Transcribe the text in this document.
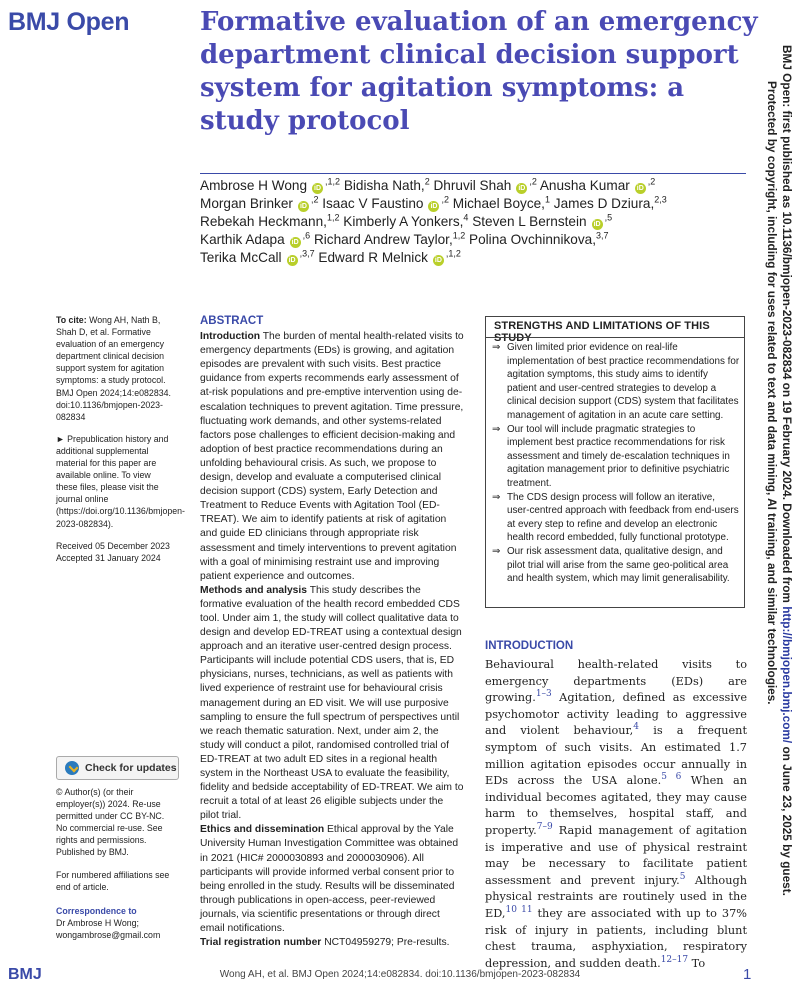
BMJ Open	Formative evaluation of an emergency department clinical decision support system for agitation symptoms: a study protocol
Ambrose H Wong $iD^{,1,2}$ Bidisha Nath,$^2$ Dhruvil Shah $iD^{,2}$ Anusha Kumar $iD^{,2}$
Morgan Brinker $iD^{,2}$ Isaac V Faustino $iD^{,2}$ Michael Boyce,$^1$ James D Dziura,$^{2,3}$
Rebekah Heckmann,$^{1,2}$ Kimberly A Yonkers,$^4$ Steven L Bernstein $iD^{,5}$
Karthik Adapa $iD^{,6}$ Richard Andrew Taylor,$^{1,2}$ Polina Ovchinnikova,$^{3,7}$
Terika McCall $iD^{,3,7}$ Edward R Melnick $iD^{,1,2}$

To cite: Wong AH, Nath B, Shah D, et al. Formative evaluation of an emergency department clinical decision support system for agitation symptoms: a study protocol. BMJ Open 2024;14:e082834. doi:10.1136/bmjopen-2023-082834

► Prepublication history and additional supplemental material for this paper are available online. To view these files, please visit the journal online (https://doi.org/10.1136/bmjopen-2023-082834).

Received 05 December 2023
Accepted 31 January 2024
Check for updates

© Author(s) (or their employer(s)) 2024. Re-use permitted under CC BY-NC. No commercial re-use. See rights and permissions. Published by BMJ.

For numbered affiliations see end of article.

Correspondence to
Dr Ambrose H Wong;
wongambrose@gmail.com
ABSTRACT

Introduction The burden of mental health-related visits to emergency departments (EDs) is growing, and agitation episodes are prevalent with such visits. Best practice guidance from experts recommends early assessment of at-risk populations and pre-emptive intervention using de-escalation techniques to prevent agitation. Time pressure, fluctuating work demands, and other systems-related factors pose challenges to efficient decision-making and adoption of best practice recommendations during an unfolding behavioural crisis. As such, we propose to design, develop and evaluate a computerised clinical decision support (CDS) system, Early Detection and Treatment to Reduce Events with Agitation Tool (ED-TREAT). We aim to identify patients at risk of agitation and guide ED clinicians through appropriate risk assessment and timely interventions to prevent agitation with a goal of minimising restraint use and improving patient experience and outcomes.

Methods and analysis This study describes the formative evaluation of the health record embedded CDS tool. Under aim 1, the study will collect qualitative data to design and develop ED-TREAT using a contextual design approach and an iterative user-centred design process. Participants will include potential CDS users, that is, ED physicians, nurses, technicians, as well as patients with lived experience of restraint use for behavioural crisis management during an ED visit. We will use purposive sampling to ensure the full spectrum of perspectives until we reach thematic saturation. Next, under aim 2, the study will conduct a pilot, randomised controlled trial of ED-TREAT at two adult ED sites in a regional health system in the Northeast USA to evaluate the feasibility, fidelity and bedside acceptability of ED-TREAT. We aim to recruit a total of at least 26 eligible subjects under the pilot trial.

Ethics and dissemination Ethical approval by the Yale University Human Investigation Committee was obtained in 2021 (HIC# 2000030893 and 2000030906). All participants will provide informed verbal consent prior to being enrolled in the study. Results will be disseminated through publications in open-access, peer-reviewed journals, via scientific presentations or through direct email notifications.

Trial registration number NCT04959279; Pre-results.

STRENGTHS AND LIMITATIONS OF THIS STUDY
⇒ Given limited prior evidence on real-life implementation of best practice recommendations for agitation symptoms, this study aims to identify patient and user-centred strategies to develop a clinical decision support (CDS) system that facilitates management of agitation in an acute care setting.
⇒ Our tool will include pragmatic strategies to implement best practice recommendations for risk assessment and timely de-escalation techniques in agitation management prior to definitive psychiatric treatment.
⇒ The CDS design process will follow an iterative, user-centred approach with feedback from end-users at every step to refine and develop an electronic health record embedded, fully functional prototype.
⇒ Our risk assessment data, qualitative design, and pilot trial will arise from the same geo-political area and health system, which may limit generalisability.
INTRODUCTION
Behavioural health-related visits to emergency departments (EDs) are growing.$^{1-3}$ Agitation, defined as excessive psychomotor activity leading to aggressive and violent behaviour,$^4$ is a frequent symptom of such visits. An estimated 1.7 million agitation episodes occur annually in EDs across the USA alone.$^{5 6}$ When an individual becomes agitated, they may cause harm to themselves, hospital staff, and property.$^{7-9}$ Rapid management of agitation is imperative and use of physical restraint may be necessary to facilitate patient assessment and prevent injury.$^5$ Although physical restraints are routinely used in the ED,$^{10 11}$ they are associated with up to 37% risk of injury in patients, including blunt chest trauma, asphyxiation, respiratory depression, and sudden death.$^{12-17}$ To
BMJ Open: first published as 10.1136/bmjopen-2023-082834 on 19 February 2024. Downloaded from http://bmjopen.bmj.com/ on June 23, 2025 by guest.
Protected by copyright, including for uses related to text and data mining, AI training, and similar technologies.
BMJ	Wong AH, et al. BMJ Open 2024;14:e082834. doi:10.1136/bmjopen-2023-082834	1
